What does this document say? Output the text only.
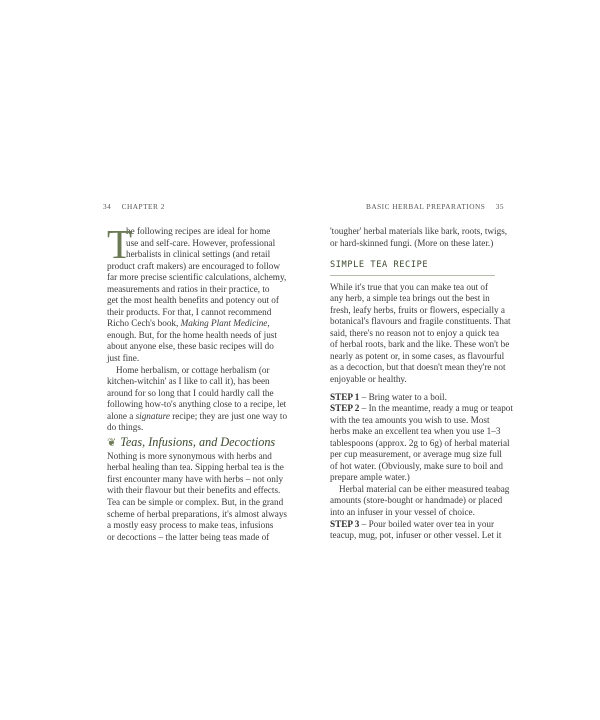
34 CHAPTER 2
T
he following recipes are ideal for home
use and self-care. However, professional
herbalists in clinical settings (and retail
product craft makers) are encouraged to follow
far more precise scientific calculations, alchemy,
measurements and ratios in their practice, to
get the most health benefits and potency out of
their products. For that, I cannot recommend
Richo Cech's book, Making Plant Medicine,
enough. But, for the home health needs of just
about anyone else, these basic recipes will do
just fine.
Home herbalism, or cottage herbalism (or
kitchen-witchin' as I like to call it), has been
around for so long that I could hardly call the
following how-to's anything close to a recipe, let
alone a signature recipe; they are just one way to
do things.
❦ Teas, Infusions, and Decoctions
Nothing is more synonymous with herbs and
herbal healing than tea. Sipping herbal tea is the
first encounter many have with herbs – not only
with their flavour but their benefits and effects.
Tea can be simple or complex. But, in the grand
scheme of herbal preparations, it's almost always
a mostly easy process to make teas, infusions
or decoctions – the latter being teas made of
BASIC HERBAL PREPARATIONS 35
'tougher' herbal materials like bark, roots, twigs,
or hard-skinned fungi. (More on these later.)
SIMPLE TEA RECIPE
While it's true that you can make tea out of
any herb, a simple tea brings out the best in
fresh, leafy herbs, fruits or flowers, especially a
botanical's flavours and fragile constituents. That
said, there's no reason not to enjoy a quick tea
of herbal roots, bark and the like. These won't be
nearly as potent or, in some cases, as flavourful
as a decoction, but that doesn't mean they're not
enjoyable or healthy.
STEP 1 – Bring water to a boil.
STEP 2 – In the meantime, ready a mug or teapot
with the tea amounts you wish to use. Most
herbs make an excellent tea when you use 1–3
tablespoons (approx. 2g to 6g) of herbal material
per cup measurement, or average mug size full
of hot water. (Obviously, make sure to boil and
prepare ample water.)
Herbal material can be either measured teabag
amounts (store-bought or handmade) or placed
into an infuser in your vessel of choice.
STEP 3 – Pour boiled water over tea in your
teacup, mug, pot, infuser or other vessel. Let it
